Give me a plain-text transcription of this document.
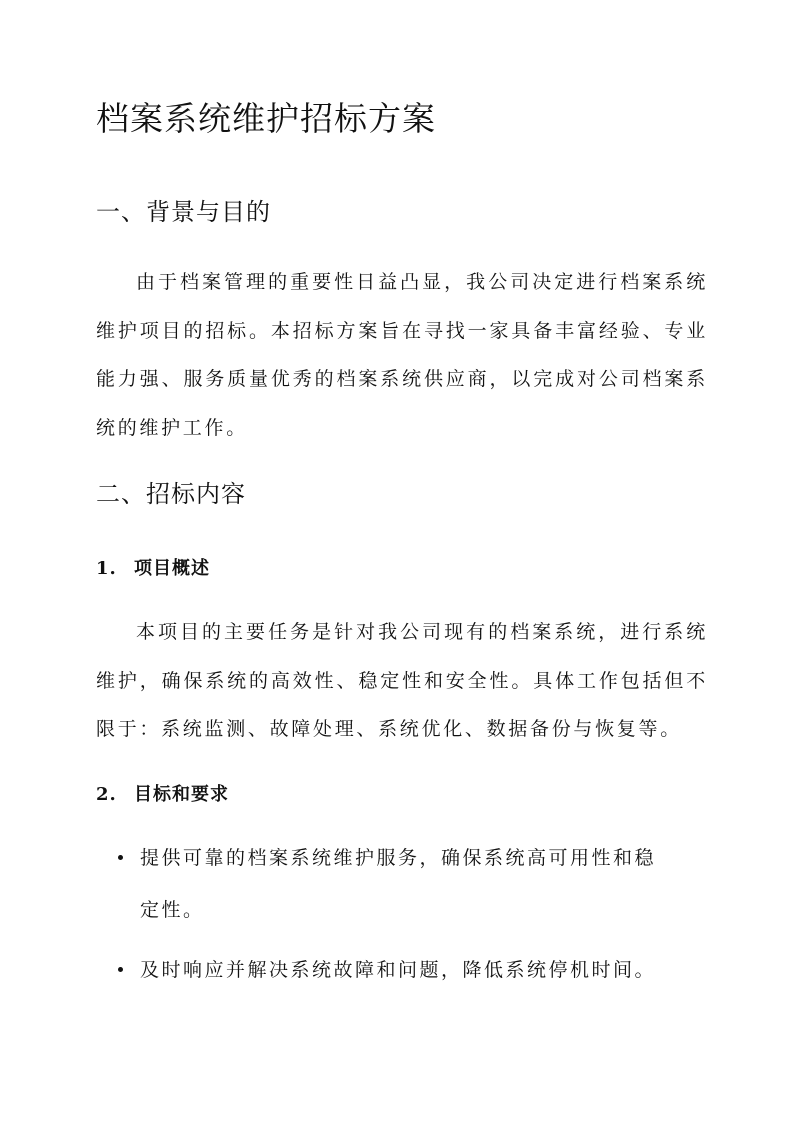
档案系统维护招标方案
一、背景与目的

由于档案管理的重要性日益凸显，我公司决定进行档案系统维护项目的招标。本招标方案旨在寻找一家具备丰富经验、专业能力强、服务质量优秀的档案系统供应商，以完成对公司档案系统的维护工作。

二、招标内容
1. 项目概述

本项目的主要任务是针对我公司现有的档案系统，进行系统维护，确保系统的高效性、稳定性和安全性。具体工作包括但不限于：系统监测、故障处理、系统优化、数据备份与恢复等。

2. 目标和要求
提供可靠的档案系统维护服务，确保系统高可用性和稳定性。
及时响应并解决系统故障和问题，降低系统停机时间。
